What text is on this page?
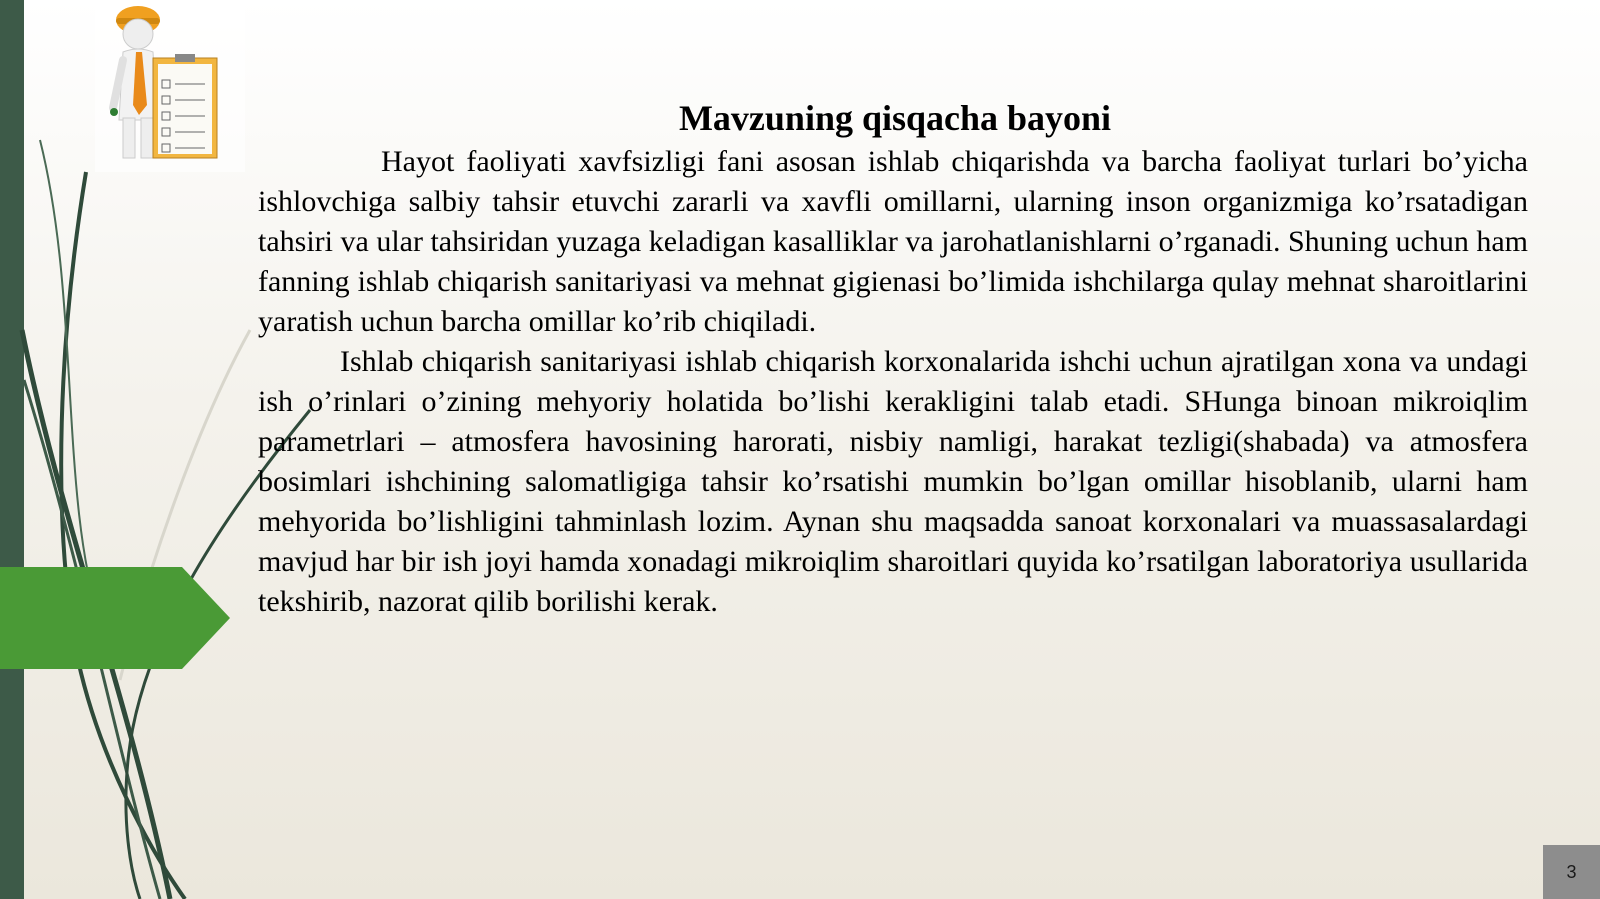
Mavzuning qisqacha bayoni

Hayot faoliyati xavfsizligi fani asosan ishlab chiqarishda va barcha faoliyat turlari bo’yicha ishlovchiga salbiy tahsir etuvchi zararli va xavfli omillarni, ularning inson organizmiga ko’rsatadigan tahsiri va ular tahsiridan yuzaga keladigan kasalliklar va jarohatlanishlarni o’rganadi. Shuning uchun ham fanning ishlab chiqarish sanitariyasi va mehnat gigienasi bo’limida ishchilarga qulay mehnat sharoitlarini yaratish uchun barcha omillar ko’rib chiqiladi.

Ishlab chiqarish sanitariyasi ishlab chiqarish korxonalarida ishchi uchun ajratilgan xona va undagi ish o’rinlari o’zining mehyoriy holatida bo’lishi kerakligini talab etadi. SHunga binoan mikroiqlim parametrlari – atmosfera havosining harorati, nisbiy namligi, harakat tezligi(shabada) va atmosfera bosimlari ishchining salomatligiga tahsir ko’rsatishi mumkin bo’lgan omillar hisoblanib, ularni ham mehyorida bo’lishligini tahminlash lozim. Aynan shu maqsadda sanoat korxonalari va muassasalardagi mavjud har bir ish joyi hamda xonadagi mikroiqlim sharoitlari quyida ko’rsatilgan laboratoriya usullarida tekshirib, nazorat qilib borilishi kerak.

3
